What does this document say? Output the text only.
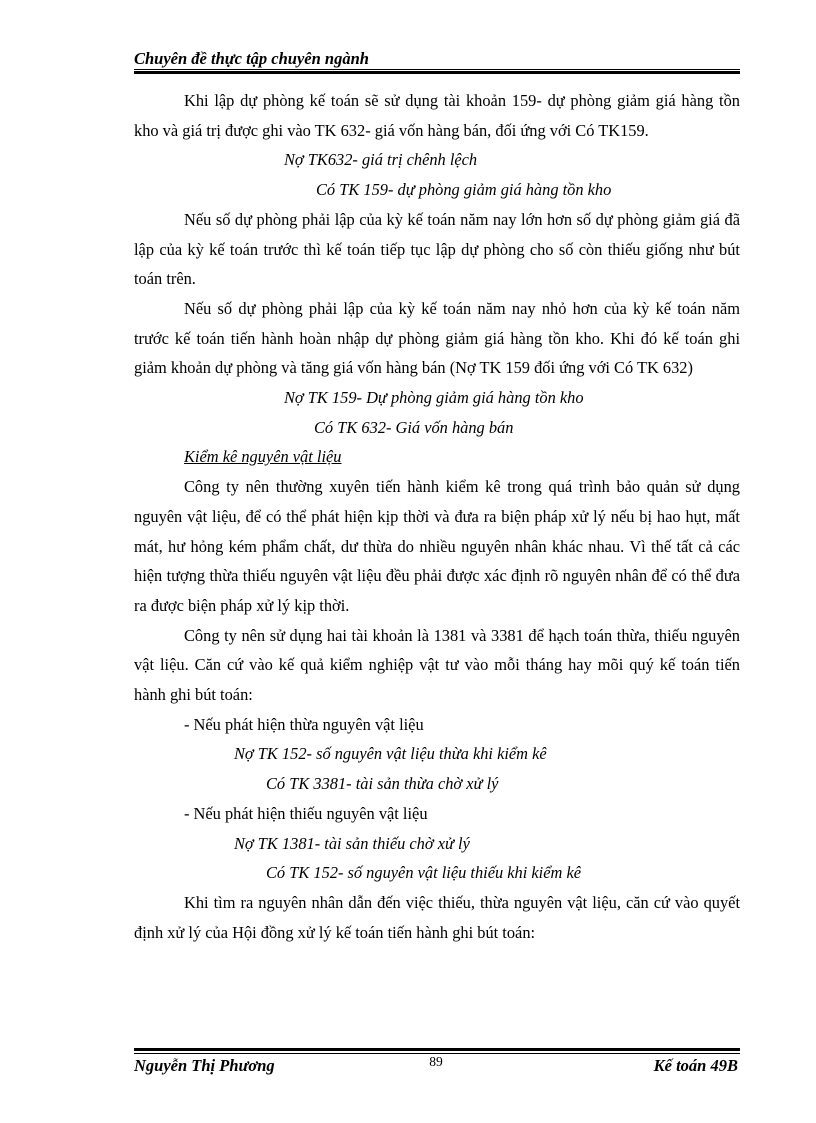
Chuyên đề thực tập chuyên ngành

Khi lập dự phòng kế toán sẽ sử dụng tài khoản 159- dự phòng giảm giá hàng tồn kho và giá trị được ghi vào TK 632- giá vốn hàng bán, đối ứng với Có TK159.

Nợ TK632- giá trị chênh lệch

Có TK 159- dự phòng giảm giá hàng tồn kho

Nếu số dự phòng phải lập của kỳ kế toán năm nay lớn hơn số dự phòng giảm giá đã lập của kỳ kế toán trước thì kế toán tiếp tục lập dự phòng cho số còn thiếu giống như bút toán trên.

Nếu số dự phòng phải lập của kỳ kế toán năm nay nhỏ hơn của kỳ kế toán năm trước kế toán tiến hành hoàn nhập dự phòng giảm giá hàng tồn kho. Khi đó kế toán ghi giảm khoản dự phòng và tăng giá vốn hàng bán (Nợ TK 159 đối ứng với Có TK 632)

Nợ TK 159- Dự phòng giảm giá hàng tồn kho

Có TK 632- Giá vốn hàng bán

Kiểm kê nguyên vật liệu

Công ty nên thường xuyên tiến hành kiểm kê trong quá trình bảo quản sử dụng nguyên vật liệu, để có thể phát hiện kịp thời và đưa ra biện pháp xử lý nếu bị hao hụt, mất mát, hư hỏng kém phẩm chất, dư thừa do nhiều nguyên nhân khác nhau. Vì thế tất cả các hiện tượng thừa thiếu nguyên vật liệu đều phải được xác định rõ nguyên nhân để có thể đưa ra được biện pháp xử lý kịp thời.

Công ty nên sử dụng hai tài khoản là 1381 và 3381 để hạch toán thừa, thiếu nguyên vật liệu. Căn cứ vào kế quả kiểm nghiệp vật tư vào mỗi tháng hay mõi quý kế toán tiến hành ghi bút toán:

- Nếu phát hiện thừa nguyên vật liệu

Nợ TK 152- số nguyên vật liệu thừa khi kiểm kê

Có TK 3381- tài sản thừa chờ xử lý

- Nếu phát hiện thiếu nguyên vật liệu

Nợ TK 1381- tài sản thiếu chờ xử lý

Có TK 152- số nguyên vật liệu thiếu khi kiểm kê

Khi tìm ra nguyên nhân dẫn đến việc thiếu, thừa nguyên vật liệu, căn cứ vào quyết định xử lý của Hội đồng xử lý kế toán tiến hành ghi bút toán:

Nguyễn Thị Phương	89	Kế toán 49B
